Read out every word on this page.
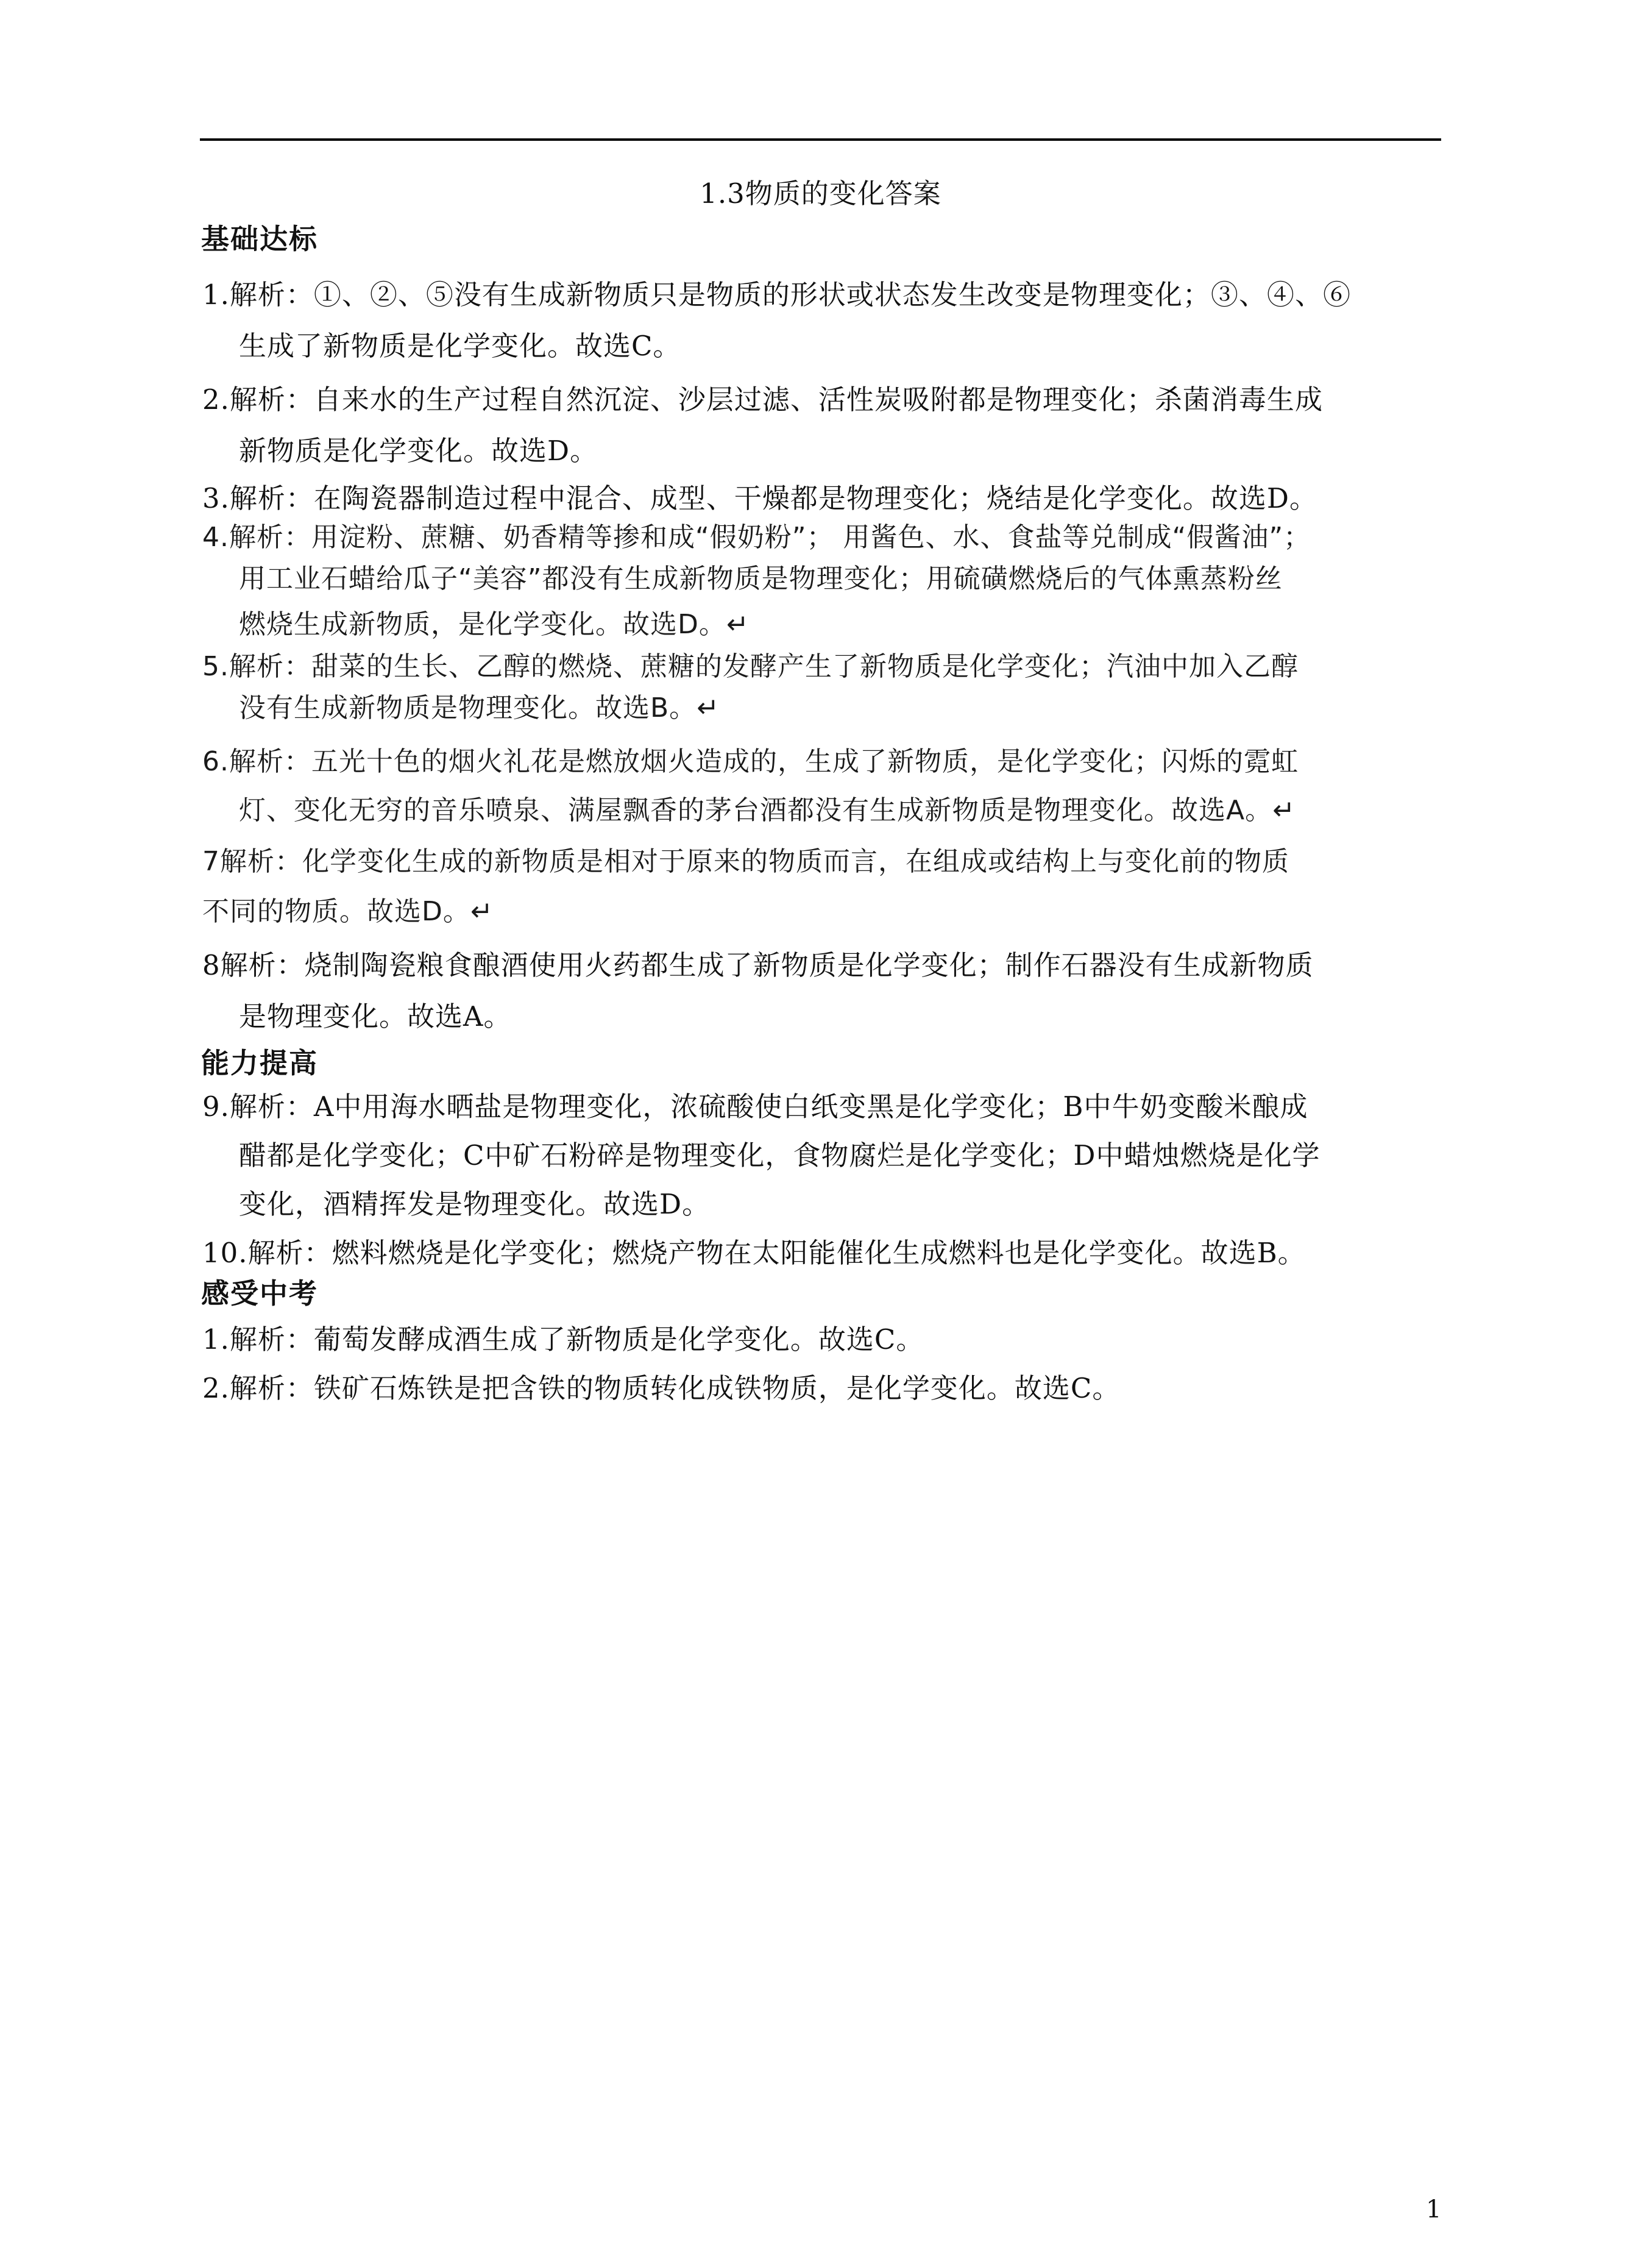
1.3物质的变化答案
基础达标
1.解析：①、②、⑤没有生成新物质只是物质的形状或状态发生改变是物理变化；③、④、⑥
生成了新物质是化学变化。故选C。
2.解析：自来水的生产过程自然沉淀、沙层过滤、活性炭吸附都是物理变化；杀菌消毒生成
新物质是化学变化。故选D。
3.解析：在陶瓷器制造过程中混合、成型、干燥都是物理变化；烧结是化学变化。故选D。
4.解析：用淀粉、蔗糖、奶香精等掺和成“假奶粉”； 用酱色、水、食盐等兑制成“假酱油”；
用工业石蜡给瓜子“美容”都没有生成新物质是物理变化；用硫磺燃烧后的气体熏蒸粉丝
燃烧生成新物质，是化学变化。故选D。↵
5.解析：甜菜的生长、乙醇的燃烧、蔗糖的发酵产生了新物质是化学变化；汽油中加入乙醇
没有生成新物质是物理变化。故选B。↵
6.解析：五光十色的烟火礼花是燃放烟火造成的，生成了新物质，是化学变化；闪烁的霓虹
灯、变化无穷的音乐喷泉、满屋飘香的茅台酒都没有生成新物质是物理变化。故选A。↵
7解析：化学变化生成的新物质是相对于原来的物质而言，在组成或结构上与变化前的物质
不同的物质。故选D。↵
8解析：烧制陶瓷粮食酿酒使用火药都生成了新物质是化学变化；制作石器没有生成新物质
是物理变化。故选A。
能力提高
9.解析：A中用海水晒盐是物理变化，浓硫酸使白纸变黑是化学变化；B中牛奶变酸米酿成
醋都是化学变化；C中矿石粉碎是物理变化，食物腐烂是化学变化；D中蜡烛燃烧是化学
变化，酒精挥发是物理变化。故选D。
10.解析：燃料燃烧是化学变化；燃烧产物在太阳能催化生成燃料也是化学变化。故选B。
感受中考
1.解析：葡萄发酵成酒生成了新物质是化学变化。故选C。
2.解析：铁矿石炼铁是把含铁的物质转化成铁物质，是化学变化。故选C。
1
